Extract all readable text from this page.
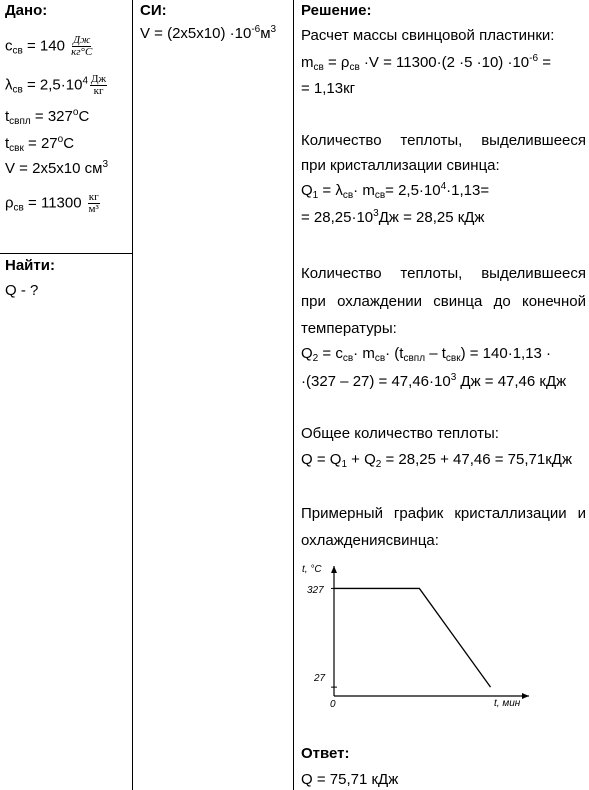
Дано:
$c_{св} = 140 \frac{Дж}{кг^\circ C}$
$\lambda_{св} = 2,5\cdot 10^4 \frac{Дж}{кг}$
$t_{свпл} = 327^oC$
$t_{свк} = 27^oC$
V = 2x5x10 $см^3$
$\rho_{св} = 11300 \frac{кг}{\text{м³}}$
Найти:
Q - ?
СИ:
$V = (2x5x10) \cdot 10^{-6}м^3$
Решение:
Расчет массы свинцовой пластинки:
$m_{св} = \rho_{св} \cdot V = 11300\cdot(2 \cdot 5 \cdot 10) \cdot 10^{-6}$ =
= 1,13кг
Количество теплоты, выделившееся
при кристаллизации свинца:
$Q_1 = \lambda_{св}\cdot m_{св}= 2,5\cdot 10^4\cdot 1,13=$
= $28,25\cdot 10^3Дж = 28,25$ кДж
Количество теплоты, выделившееся
при охлаждении свинца до конечной
температуры:
$Q_2 = c_{св}\cdot m_{св}\cdot (t_{свпл} - t_{свк}) = 140\cdot 1,13$ ·
$\cdot(327 - 27) = 47,46\cdot 10^3$ Дж = 47,46 кДж
Общее количество теплоты:
$Q = Q_1 + Q_2 = 28,25 + 47,46 = 75,71кДж$
Примерный график кристаллизации и
охлаждениясвинца:
t, °C
t, мин
0
327
27
Ответ:
Q = 75,71 кДж
